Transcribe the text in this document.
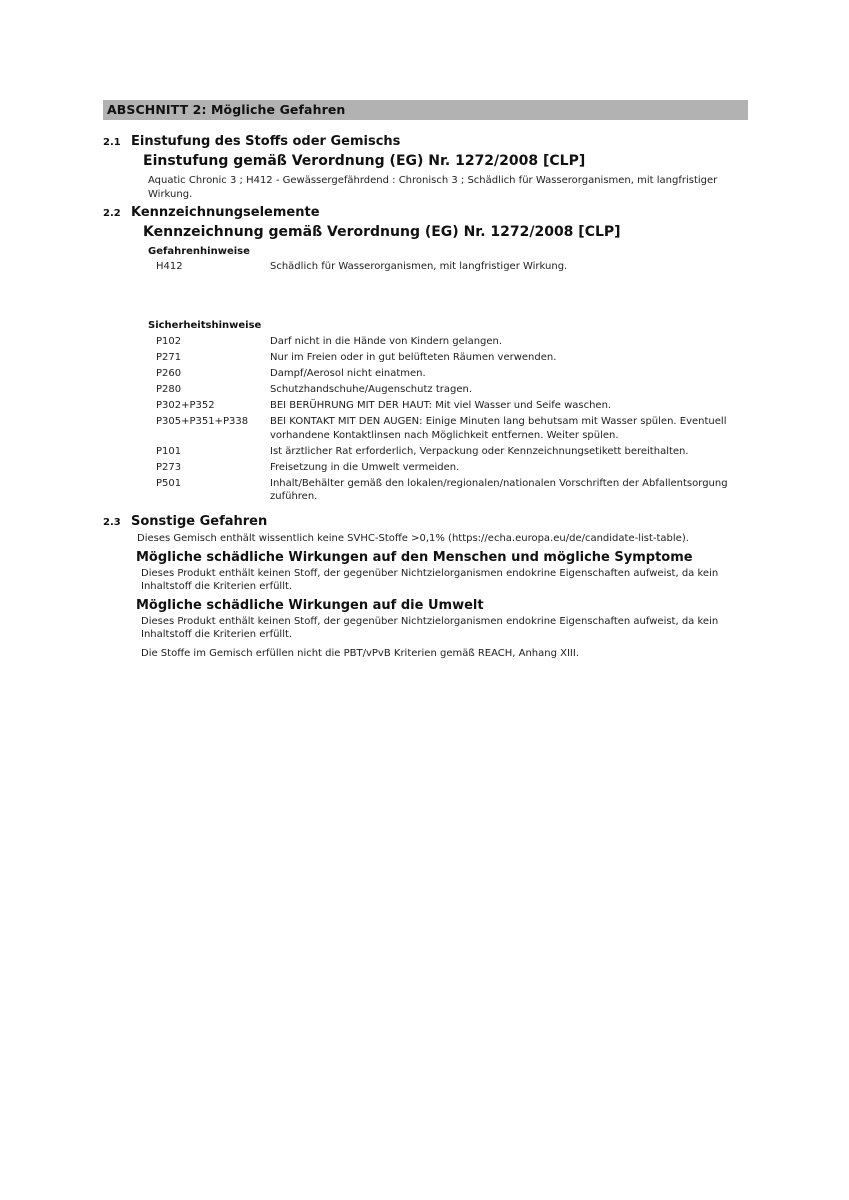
ABSCHNITT 2: Mögliche Gefahren
2.1 Einstufung des Stoffs oder Gemischs
Einstufung gemäß Verordnung (EG) Nr. 1272/2008 [CLP]
Aquatic Chronic 3 ; H412 - Gewässergefährdend : Chronisch 3 ; Schädlich für Wasserorganismen, mit langfristiger Wirkung.
2.2 Kennzeichnungselemente
Kennzeichnung gemäß Verordnung (EG) Nr. 1272/2008 [CLP]
Gefahrenhinweise
H412	Schädlich für Wasserorganismen, mit langfristiger Wirkung.
Sicherheitshinweise
P102	Darf nicht in die Hände von Kindern gelangen.
P271	Nur im Freien oder in gut belüfteten Räumen verwenden.
P260	Dampf/Aerosol nicht einatmen.
P280	Schutzhandschuhe/Augenschutz tragen.
P302+P352	BEI BERÜHRUNG MIT DER HAUT: Mit viel Wasser und Seife waschen.
P305+P351+P338	BEI KONTAKT MIT DEN AUGEN: Einige Minuten lang behutsam mit Wasser spülen. Eventuell vorhandene Kontaktlinsen nach Möglichkeit entfernen. Weiter spülen.
P101	Ist ärztlicher Rat erforderlich, Verpackung oder Kennzeichnungsetikett bereithalten.
P273	Freisetzung in die Umwelt vermeiden.
P501	Inhalt/Behälter gemäß den lokalen/regionalen/nationalen Vorschriften der Abfallentsorgung zuführen.
2.3 Sonstige Gefahren
Dieses Gemisch enthält wissentlich keine SVHC-Stoffe >0,1% (https://echa.europa.eu/de/candidate-list-table).
Mögliche schädliche Wirkungen auf den Menschen und mögliche Symptome
Dieses Produkt enthält keinen Stoff, der gegenüber Nichtzielorganismen endokrine Eigenschaften aufweist, da kein Inhaltstoff die Kriterien erfüllt.
Mögliche schädliche Wirkungen auf die Umwelt
Dieses Produkt enthält keinen Stoff, der gegenüber Nichtzielorganismen endokrine Eigenschaften aufweist, da kein Inhaltstoff die Kriterien erfüllt.
Die Stoffe im Gemisch erfüllen nicht die PBT/vPvB Kriterien gemäß REACH, Anhang XIII.
